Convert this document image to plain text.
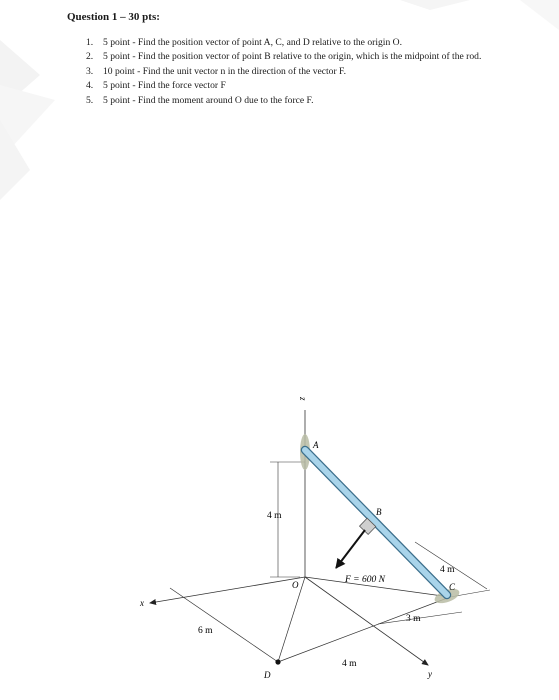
Question 1 – 30 pts:
1. 5 point - Find the position vector of point A, C, and D relative to the origin O.
2. 5 point - Find the position vector of point B relative to the origin, which is the midpoint of the rod.
3. 10 point - Find the unit vector n in the direction of the vector F.
4. 5 point - Find the force vector F
5. 5 point - Find the moment around O due to the force F.
z
x
y
A
B
C
D
O
4 m
4 m
3 m
6 m
4 m
F = 600 N
